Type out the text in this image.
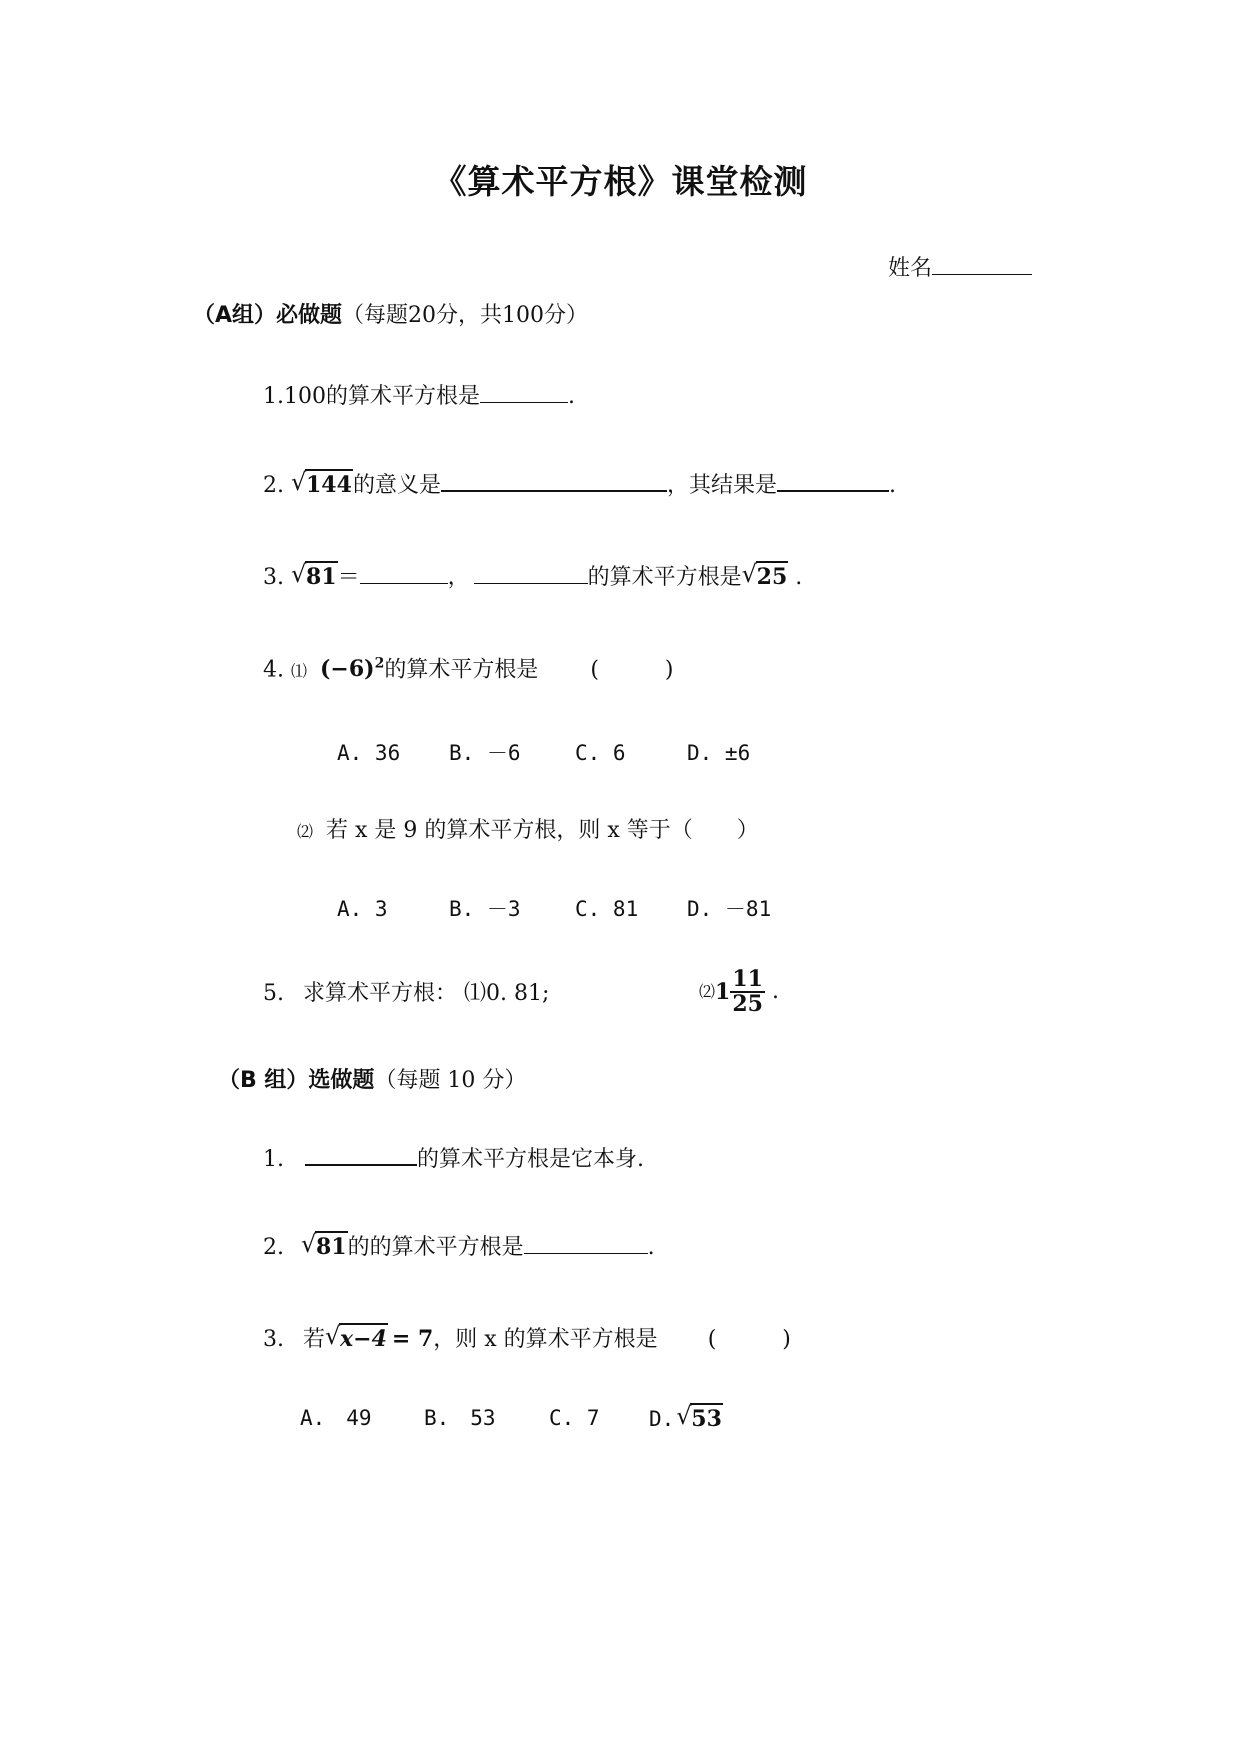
《算术平方根》课堂检测
姓名
（A组）必做题（每题20分，共100分）
1.100的算术平方根是	.
2. √ 144的意义是	，其结果是	.
3. √ 81＝	，	的算术平方根是 √ 25 .
4. ⑴ $(-6)^2$的算术平方根是 (　　　)
A. 36 B. －6	C. 6	D. ±6
⑵ 若 x 是 9 的算术平方根，则 x 等于（　　）
A. 3	B. －3	C. 81 D. －81
5. 求算术平方根： ⑴0. 81;	⑵1 $\frac{11}{25}$ .
（B 组）选做题（每题 10 分）
1.	的算术平方根是它本身.
2. √ 81的的算术平方根是	.
3. 若 √ x−4 = 7，则 x 的算术平方根是 (　　　)
A.　49 B.　53	C. 7 D. √ 53
